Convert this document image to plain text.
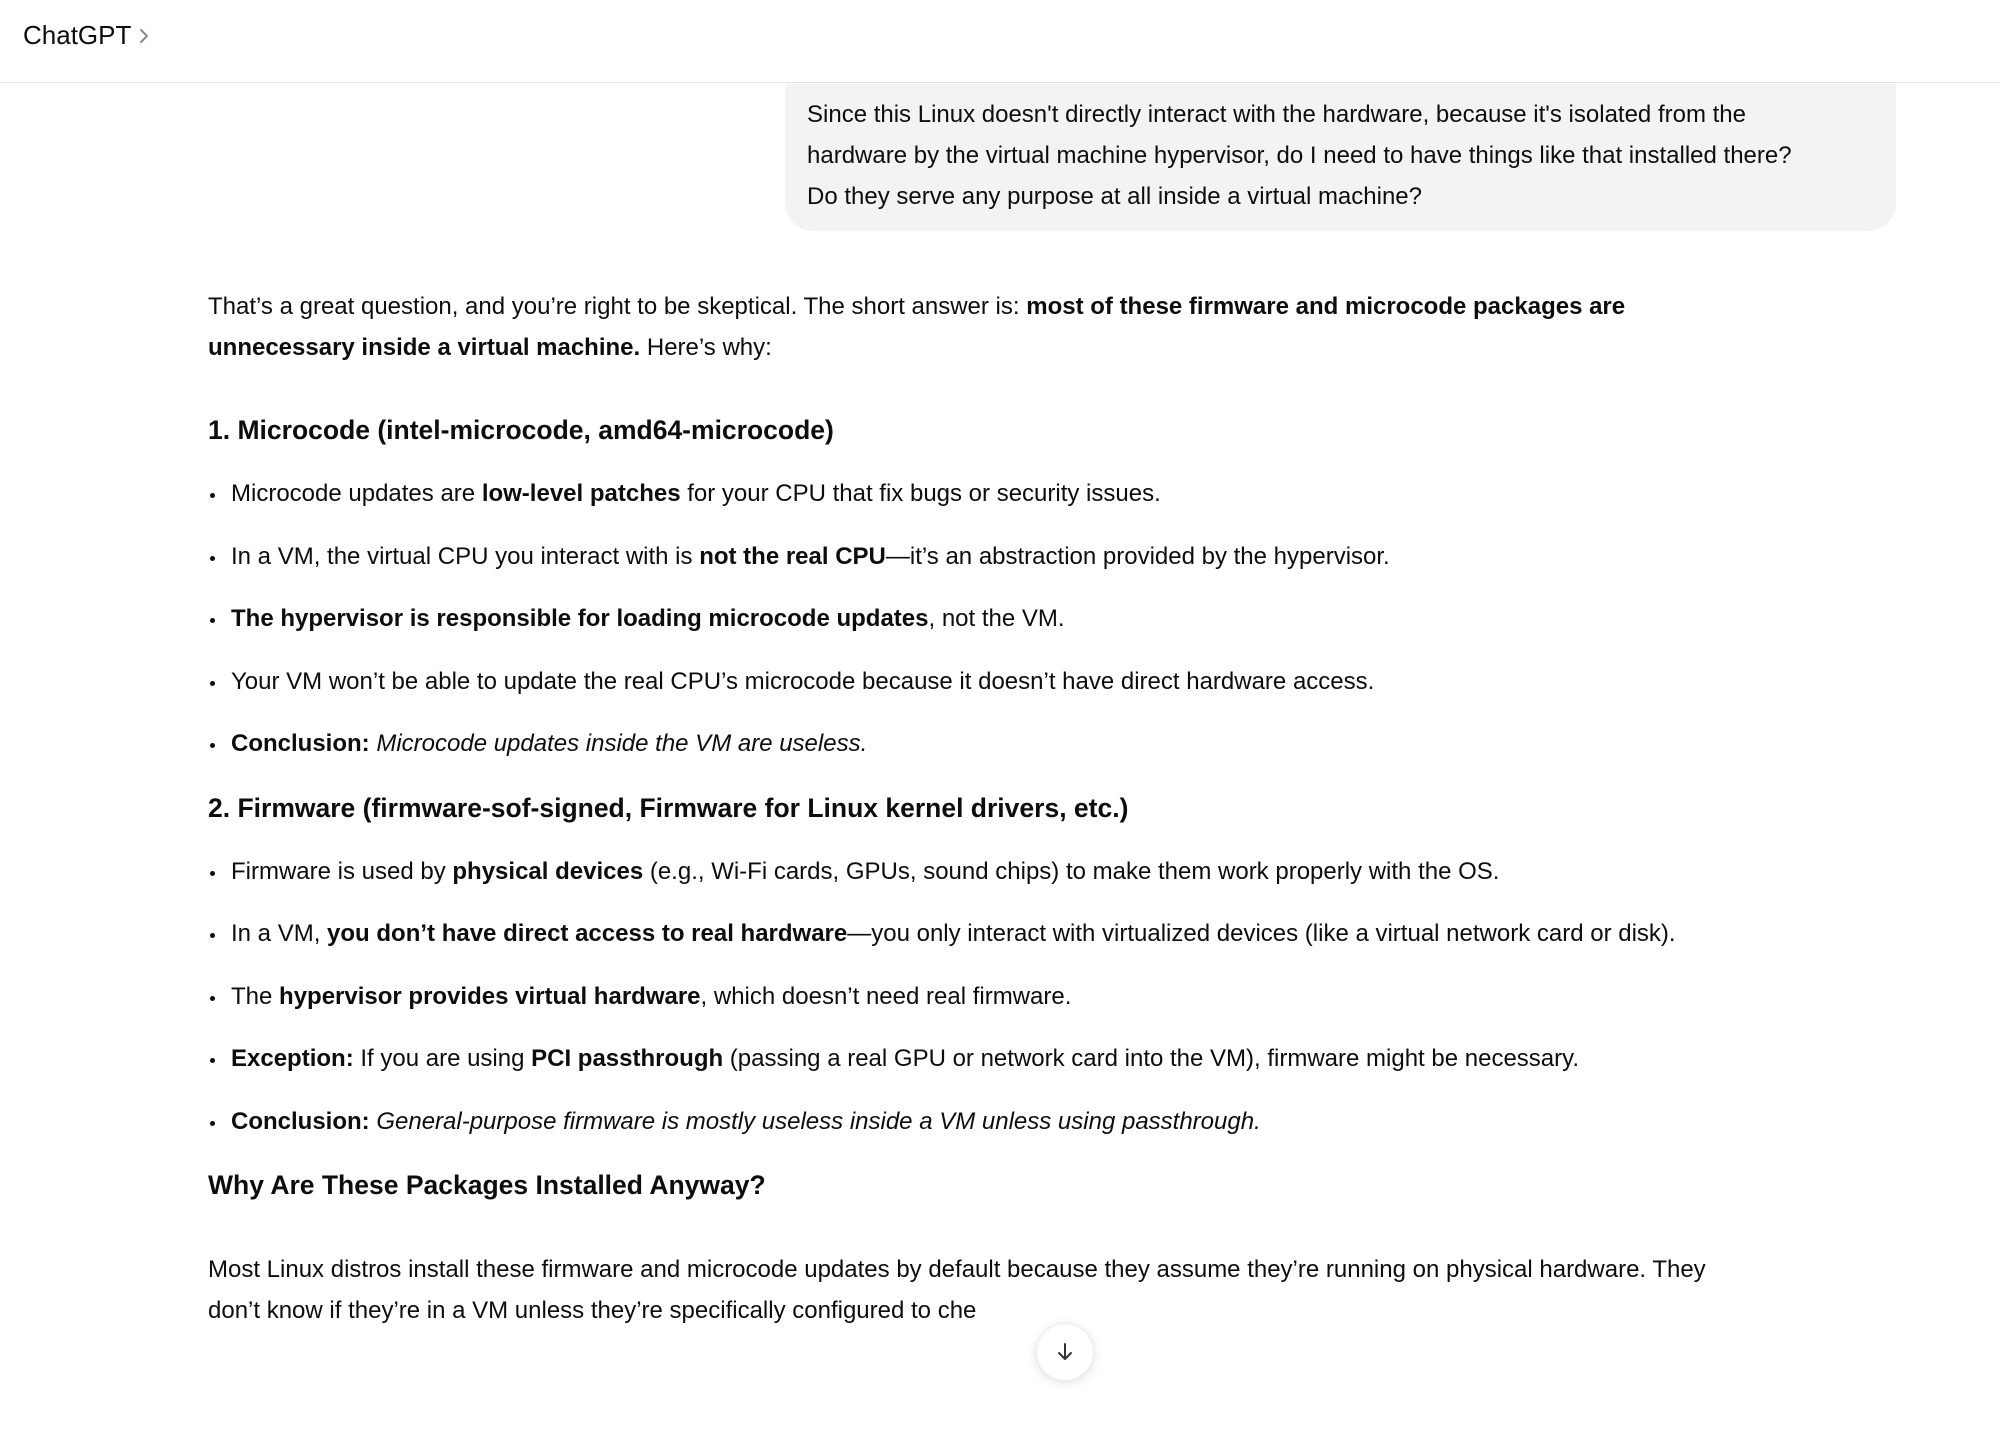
ChatGPT
Since this Linux doesn't directly interact with the hardware, because it's isolated from the
hardware by the virtual machine hypervisor, do I need to have things like that installed there?
Do they serve any purpose at all inside a virtual machine?

That’s a great question, and you’re right to be skeptical. The short answer is: most of these firmware and microcode packages are
unnecessary inside a virtual machine. Here’s why:

1. Microcode (intel-microcode, amd64-microcode)
Microcode updates are low-level patches for your CPU that fix bugs or security issues.
In a VM, the virtual CPU you interact with is not the real CPU—it’s an abstraction provided by the hypervisor.
The hypervisor is responsible for loading microcode updates, not the VM.
Your VM won’t be able to update the real CPU’s microcode because it doesn’t have direct hardware access.
Conclusion: Microcode updates inside the VM are useless.
2. Firmware (firmware-sof-signed, Firmware for Linux kernel drivers, etc.)
Firmware is used by physical devices (e.g., Wi-Fi cards, GPUs, sound chips) to make them work properly with the OS.
In a VM, you don’t have direct access to real hardware—you only interact with virtualized devices (like a virtual network card or disk).
The hypervisor provides virtual hardware, which doesn’t need real firmware.
Exception: If you are using PCI passthrough (passing a real GPU or network card into the VM), firmware might be necessary.
Conclusion: General-purpose firmware is mostly useless inside a VM unless using passthrough.
Why Are These Packages Installed Anyway?

Most Linux distros install these firmware and microcode updates by default because they assume they’re running on physical hardware. They
don’t know if they’re in a VM unless they’re specifically configured to che
